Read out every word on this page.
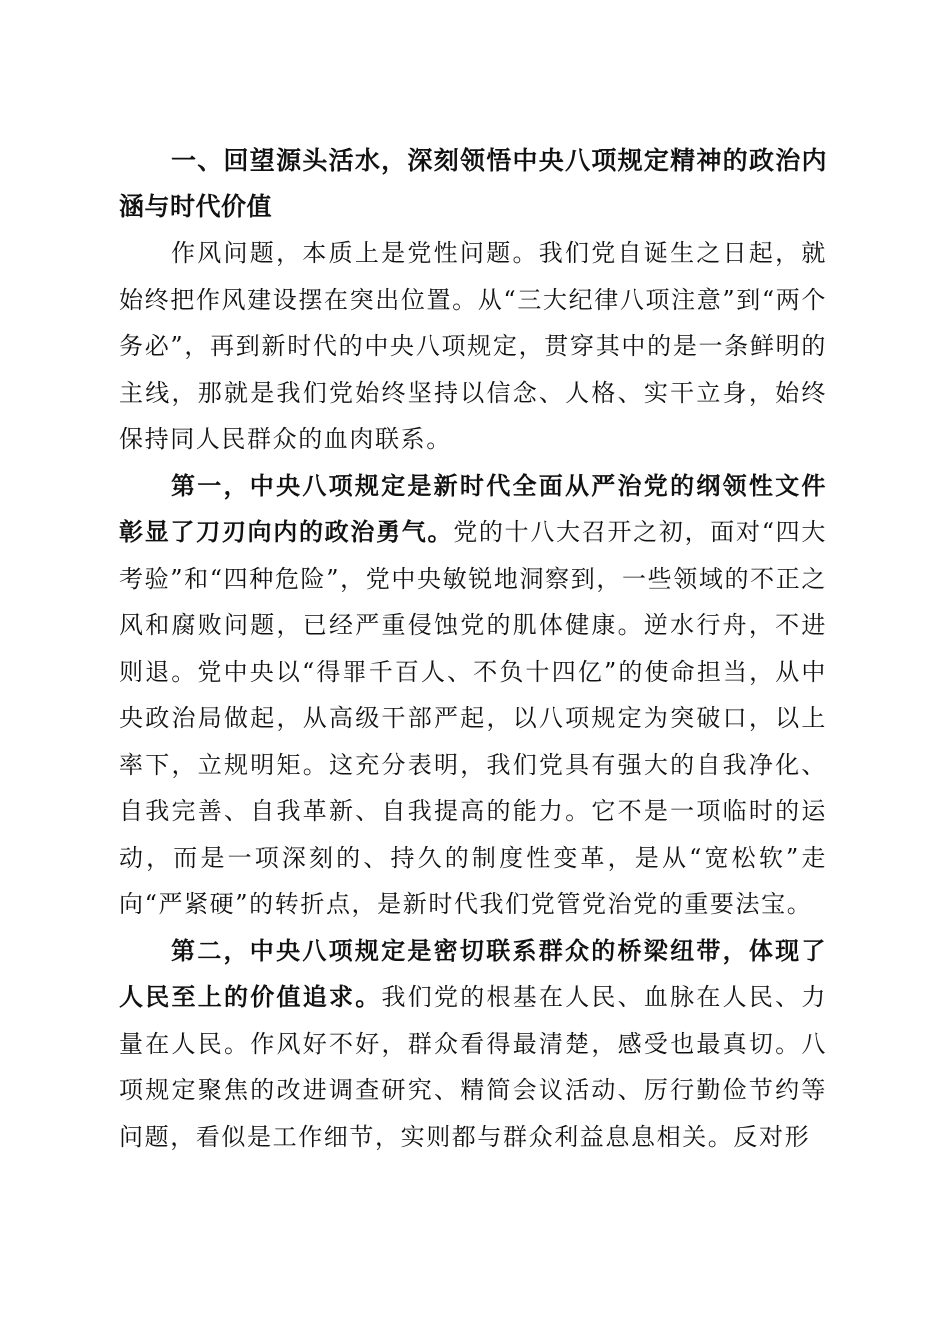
一、回望源头活水，深刻领悟中央八项规定精神的政治内涵与时代价值

作风问题，本质上是党性问题。我们党自诞生之日起，就始终把作风建设摆在突出位置。从“三大纪律八项注意”到“两个务必”，再到新时代的中央八项规定，贯穿其中的是一条鲜明的主线，那就是我们党始终坚持以信念、人格、实干立身，始终保持同人民群众的血肉联系。

第一，中央八项规定是新时代全面从严治党的纲领性文件彰显了刀刃向内的政治勇气。党的十八大召开之初，面对“四大考验”和“四种危险”，党中央敏锐地洞察到，一些领域的不正之风和腐败问题，已经严重侵蚀党的肌体健康。逆水行舟，不进则退。党中央以“得罪千百人、不负十四亿”的使命担当，从中央政治局做起，从高级干部严起，以八项规定为突破口，以上率下，立规明矩。这充分表明，我们党具有强大的自我净化、自我完善、自我革新、自我提高的能力。它不是一项临时的运动，而是一项深刻的、持久的制度性变革，是从“宽松软”走向“严紧硬”的转折点，是新时代我们党管党治党的重要法宝。

第二，中央八项规定是密切联系群众的桥梁纽带，体现了人民至上的价值追求。我们党的根基在人民、血脉在人民、力量在人民。作风好不好，群众看得最清楚，感受也最真切。八项规定聚焦的改进调查研究、精简会议活动、厉行勤俭节约等问题，看似是工作细节，实则都与群众利益息息相关。反对形
